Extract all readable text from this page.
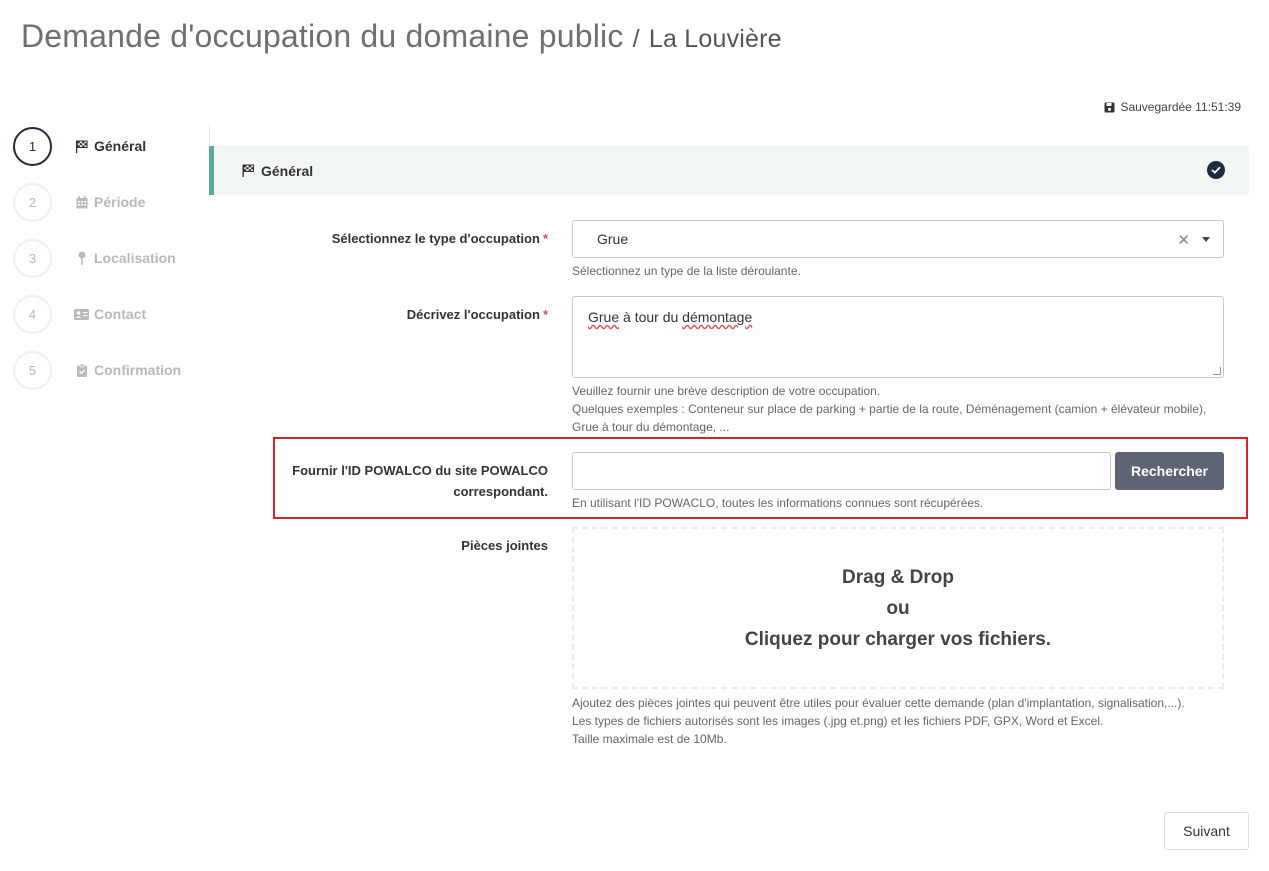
Demande d'occupation du domaine public / La Louvière
Sauvegardée 11:51:39
1	Général
2	Période
3	Localisation
4	Contact
5	Confirmation
Général
Sélectionnez le type d'occupation *	Grue	✕
Sélectionnez un type de la liste déroulante.
Décrivez l'occupation *	Grue à tour du démontage
Veuillez fournir une brève description de votre occupation.
Quelques exemples : Conteneur sur place de parking + partie de la route, Déménagement (camion + élévateur mobile),
Grue à tour du démontage, ...
Fournir l'ID POWALCO du site POWALCO
correspondant.
Rechercher
En utilisant l'ID POWACLO, toutes les informations connues sont récupérées.
Pièces jointes
Drag & Drop
ou
Cliquez pour charger vos fichiers.
Ajoutez des pièces jointes qui peuvent être utiles pour évaluer cette demande (plan d'implantation, signalisation,...).
Les types de fichiers autorisés sont les images (.jpg et.png) et les fichiers PDF, GPX, Word et Excel.
Taille maximale est de 10Mb.
Suivant
